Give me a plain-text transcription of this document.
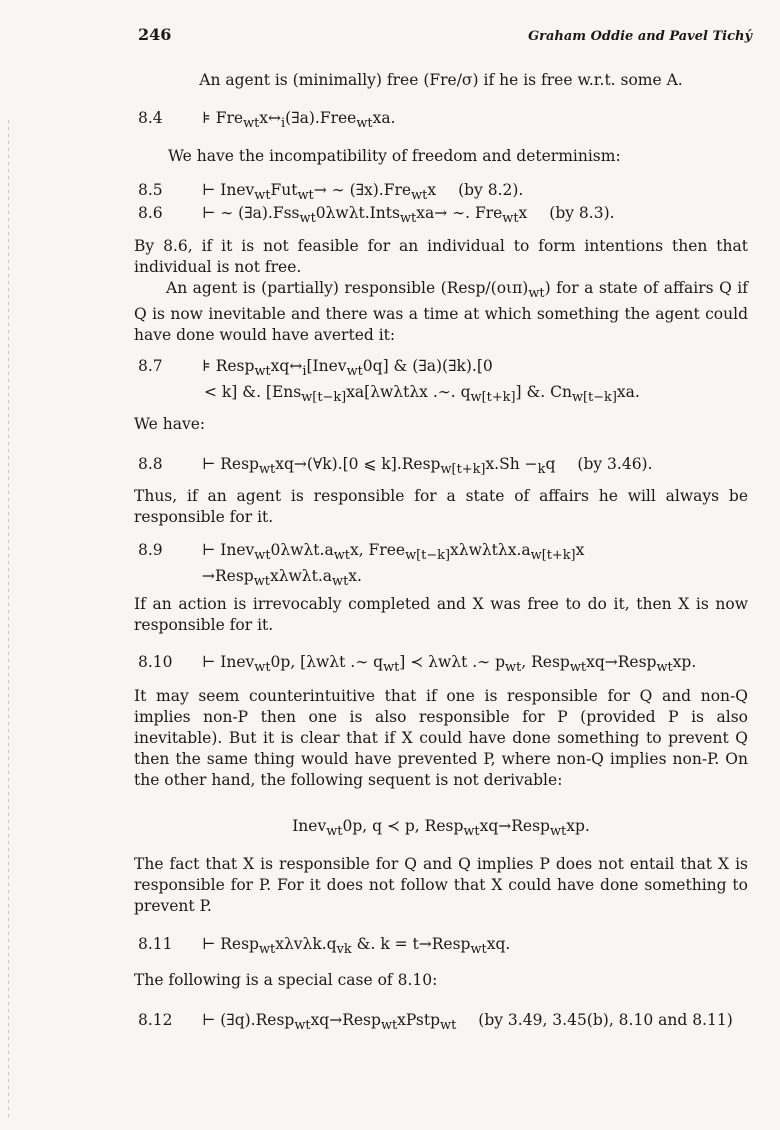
246	Graham Oddie and Pavel Tichý
An agent is (minimally) free (Fre/σ) if he is free w.r.t. some A.
8.4	⊧ $Fre_{wt}x\leftrightarrow_i(\exists a).Free_{wt}xa$.
We have the incompatibility of freedom and determinism:
8.5	⊢ Inev$_{wt}$Fut$_{wt}$→ ∼ (∃x).Fre$_{wt}$x (by 8.2).
8.6	⊢ ∼ (∃a).Fss$_{wt}$0λwλt.Ints$_{wt}$xa→ ∼. Fre$_{wt}$x (by 8.3).
By 8.6, if it is not feasible for an individual to form intentions then that individual is not free.
An agent is (partially) responsible $(Resp/(o\iota\pi)_{wt})$ for a state of affairs Q if Q is now inevitable and there was a time at which something the agent could have done would have averted it:
8.7	⊧ $Resp_{wt}xq\leftrightarrow_i[Inev_{wt}0q]$ & (∃a)(∃k).[0
< k] &. [Ens$_{w[t-k]}$xa[λwλtλx .∼. $q_{w[t+k]}$] &. $Cn_{w[t-k]}xa$.
We have:
8.8	⊢ Resp$_{wt}$xq→(∀k).[0 ⩽ k].Resp$_{w[t+k]}$x.Sh $-_kq$ (by 3.46).
Thus, if an agent is responsible for a state of affairs he will always be responsible for it.
8.9	⊢ $Inev_{wt}0\lambda w\lambda t.a_{wt}x$, $Free_{w[t-k]}x\lambda w\lambda t\lambda x.a_{w[t+k]}x$
$\to Resp_{wt}x\lambda w\lambda t.a_{wt}x$.
If an action is irrevocably completed and X was free to do it, then X is now responsible for it.
8.10 ⊢ Inev$_{wt}$0p, [λwλt .∼ $q_{wt}$] ≺ λwλt .∼ $p_{wt}$, Resp$_{wt}$xq→Resp$_{wt}$xp.
It may seem counterintuitive that if one is responsible for Q and non-Q implies non-P then one is also responsible for P (provided P is also inevitable). But it is clear that if X could have done something to prevent Q then the same thing would have prevented P, where non-Q implies non-P. On the other hand, the following sequent is not derivable:
Inev$_{wt}$0p, q ≺ p, Resp$_{wt}$xq→Resp$_{wt}$xp.
The fact that X is responsible for Q and Q implies P does not entail that X is responsible for P. For it does not follow that X could have done something to prevent P.
8.11 ⊢ $Resp_{wt}x\lambda v\lambda k.q_{vk}$ &. k = t→Resp$_{wt}$xq.
The following is a special case of 8.10:
8.12 ⊢ (∃q).Resp$_{wt}$xq→Resp$_{wt}$xPstp$_{wt}$ (by 3.49, 3.45(b), 8.10 and 8.11)
